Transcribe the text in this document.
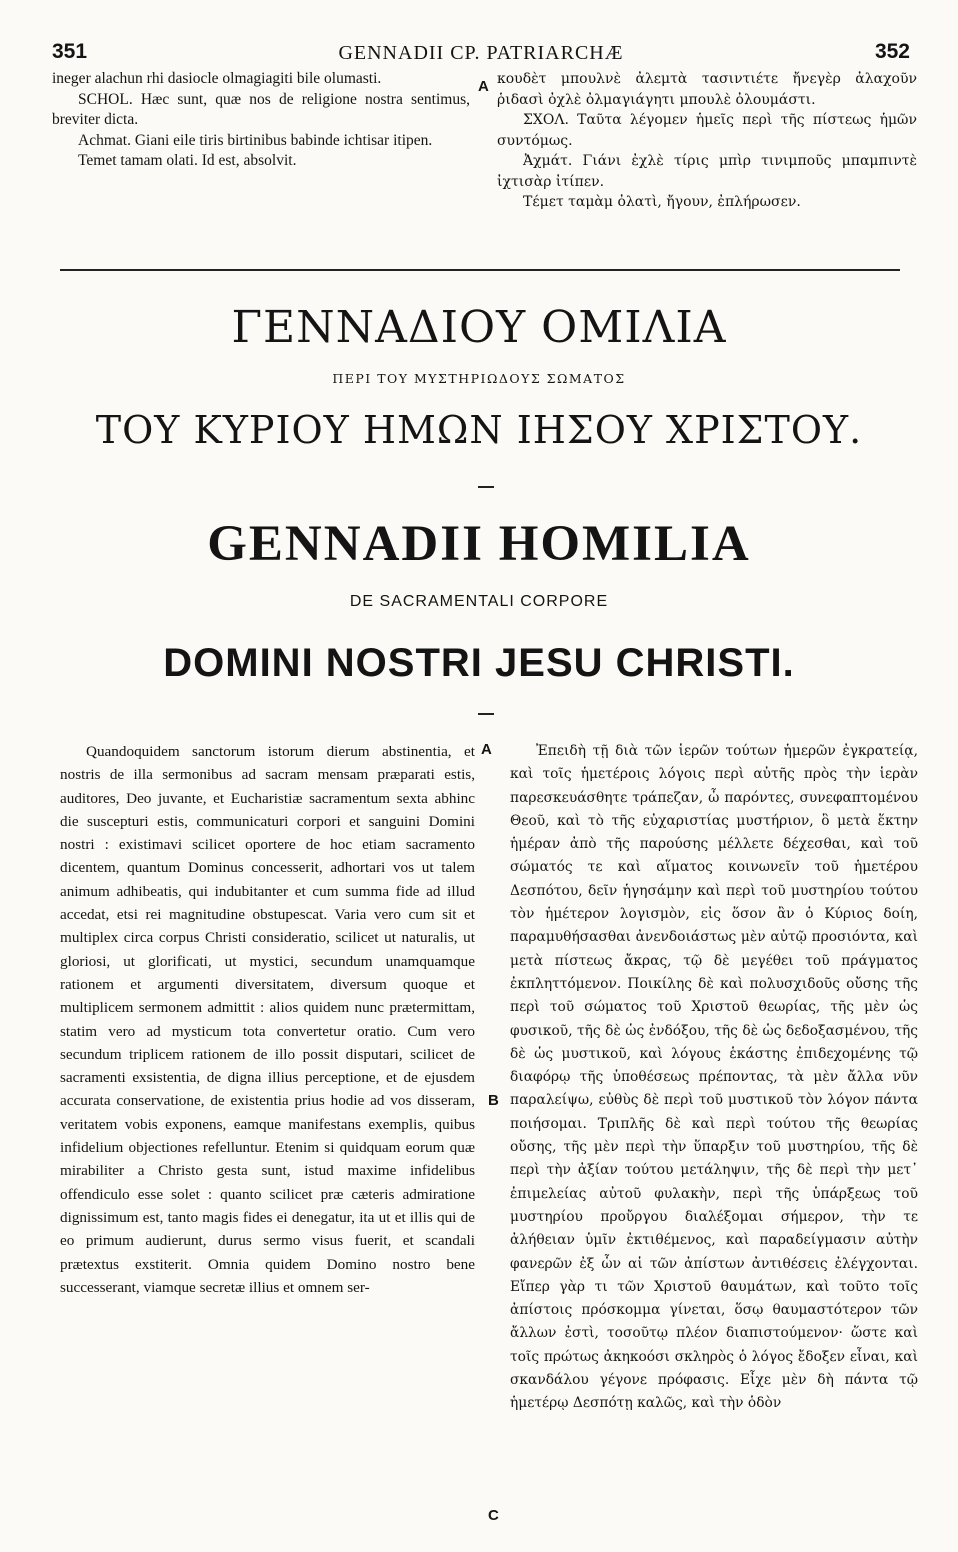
351	GENNADII CP. PATRIARCHÆ	352

ineger alachun rhi dasiocle olmagiagiti bile olumasti.

SCHOL. Hæc sunt, quæ nos de religione nostra sentimus, breviter dicta.

Achmat. Giani eile tiris birtinibus babinde ichtisar itipen.

Temet tamam olati. Id est, absolvit.

A κουδὲτ μπουλνὲ ἀλεμτὰ τασιντιέτε ἤνεγὲρ ἀλαχοῦν ῥιδασὶ ὀχλὲ ὀλμαγιάγητι μπουλὲ ὀλουμάστι.

ΣΧΟΛ. Ταῦτα λέγομεν ἡμεῖς περὶ τῆς πίστεως ἡμῶν συντόμως.

Ἀχμάτ. Γιάνι ἐχλὲ τίρις μπὶρ τινιμποῦς μπαμπιντὲ ἰχτισὰρ ἰτίπεν.

Τέμετ ταμὰμ ὀλατὶ, ἤγουν, ἐπλήρωσεν.

ΓΕΝΝΑΔΙΟΥ ΟΜΙΛΙΑ
ΠΕΡΙ ΤΟΥ ΜΥΣΤΗΡΙΩΔΟΥΣ ΣΩΜΑΤΟΣ
ΤΟΥ ΚΥΡΙΟΥ ΗΜΩΝ ΙΗΣΟΥ ΧΡΙΣΤΟΥ.
GENNADII HOMILIA
DE SACRAMENTALI CORPORE
DOMINI NOSTRI JESU CHRISTI.

Quandoquidem sanctorum istorum dierum abstinentia, et nostris de illa sermonibus ad sacram mensam præparati estis, auditores, Deo juvante, et Eucharistiæ sacramentum sexta abhinc die suscepturi estis, communicaturi corpori et sanguini Domini nostri : existimavi scilicet oportere de hoc etiam sacramento dicentem, quantum Dominus concesserit, adhortari vos ut talem animum adhibeatis, qui indubitanter et cum summa fide ad illud accedat, etsi rei magnitudine obstupescat. Varia vero cum sit et multiplex circa corpus Christi consideratio, scilicet ut naturalis, ut gloriosi, ut glorificati, ut mystici, secundum unamquamque rationem et argumenti diversitatem, diversum quoque et multiplicem sermonem admittit : alios quidem nunc prætermittam, statim vero ad mysticum tota convertetur oratio. Cum vero secundum triplicem rationem de illo possit disputari, scilicet de sacramenti exsistentia, de digna illius perceptione, et de ejusdem accurata conservatione, de existentia prius hodie ad vos disseram, veritatem vobis exponens, eamque manifestans exemplis, quibus infidelium objectiones refelluntur. Etenim si quidquam eorum quæ mirabiliter a Christo gesta sunt, istud maxime infidelibus offendiculo esse solet : quanto scilicet præ cæteris admiratione dignissimum est, tanto magis fides ei denegatur, ita ut et illis qui de eo primum audierunt, durus sermo visus fuerit, et scandali prætextus exstiterit. Omnia quidem Domino nostro bene successerant, viamque secretæ illius et omnem ser-

A
B
C

Ἐπειδὴ τῇ διὰ τῶν ἱερῶν τούτων ἡμερῶν ἐγκρατείᾳ, καὶ τοῖς ἡμετέροις λόγοις περὶ αὐτῆς πρὸς τὴν ἱερὰν παρεσκευάσθητε τράπεζαν, ὦ παρόντες, συνεφαπτομένου Θεοῦ, καὶ τὸ τῆς εὐχαριστίας μυστήριον, ὃ μετὰ ἕκτην ἡμέραν ἀπὸ τῆς παρούσης μέλλετε δέχεσθαι, καὶ τοῦ σώματός τε καὶ αἵματος κοινωνεῖν τοῦ ἡμετέρου Δεσπότου, δεῖν ἡγησάμην καὶ περὶ τοῦ μυστηρίου τούτου τὸν ἡμέτερον λογισμὸν, εἰς ὅσον ἂν ὁ Κύριος δοίη, παραμυθήσασθαι ἀνενδοιάστως μὲν αὐτῷ προσιόντα, καὶ μετὰ πίστεως ἄκρας, τῷ δὲ μεγέθει τοῦ πράγματος ἐκπληττόμενον. Ποικίλης δὲ καὶ πολυσχιδοῦς οὔσης τῆς περὶ τοῦ σώματος τοῦ Χριστοῦ θεωρίας, τῆς μὲν ὡς φυσικοῦ, τῆς δὲ ὡς ἐνδόξου, τῆς δὲ ὡς δεδοξασμένου, τῆς δὲ ὡς μυστικοῦ, καὶ λόγους ἑκάστης ἐπιδεχομένης τῷ διαφόρῳ τῆς ὑποθέσεως πρέποντας, τὰ μὲν ἄλλα νῦν παραλείψω, εὐθὺς δὲ περὶ τοῦ μυστικοῦ τὸν λόγον πάντα ποιήσομαι. Τριπλῆς δὲ καὶ περὶ τούτου τῆς θεωρίας οὔσης, τῆς μὲν περὶ τὴν ὕπαρξιν τοῦ μυστηρίου, τῆς δὲ περὶ τὴν ἀξίαν τούτου μετάληψιν, τῆς δὲ περὶ τὴν μετ᾽ ἐπιμελείας αὐτοῦ φυλακὴν, περὶ τῆς ὑπάρξεως τοῦ μυστηρίου προὔργου διαλέξομαι σήμερον, τὴν τε ἀλήθειαν ὑμῖν ἐκτιθέμενος, καὶ παραδείγμασιν αὐτὴν φανερῶν ἐξ ὧν αἱ τῶν ἀπίστων ἀντιθέσεις ἐλέγχονται. Εἴπερ γὰρ τι τῶν Χριστοῦ θαυμάτων, καὶ τοῦτο τοῖς ἀπίστοις πρόσκομμα γίνεται, ὅσῳ θαυμαστότερον τῶν ἄλλων ἐστὶ, τοσοῦτῳ πλέον διαπιστούμενον· ὥστε καὶ τοῖς πρώτως ἀκηκοόσι σκληρὸς ὁ λόγος ἔδοξεν εἶναι, καὶ σκανδάλου γέγονε πρόφασις. Εἶχε μὲν δὴ πάντα τῷ ἡμετέρῳ Δεσπότῃ καλῶς, καὶ τὴν ὁδὸν
